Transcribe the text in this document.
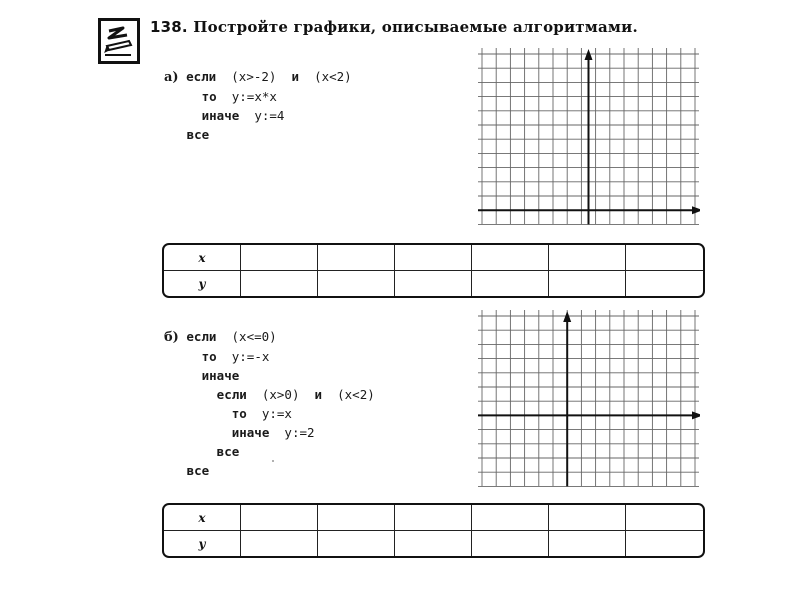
138. Постройте графики, описываемые алгоритмами.

а) если  (x>-2)  и  (x<2)
то  y:=x*x
иначе  y:=4
все

x						
y						

б) если  (x<=0)
то  y:=-x
иначе
если  (x>0)  и  (x<2)
то  y:=x
иначе  y:=2
все
все

x						
y						
